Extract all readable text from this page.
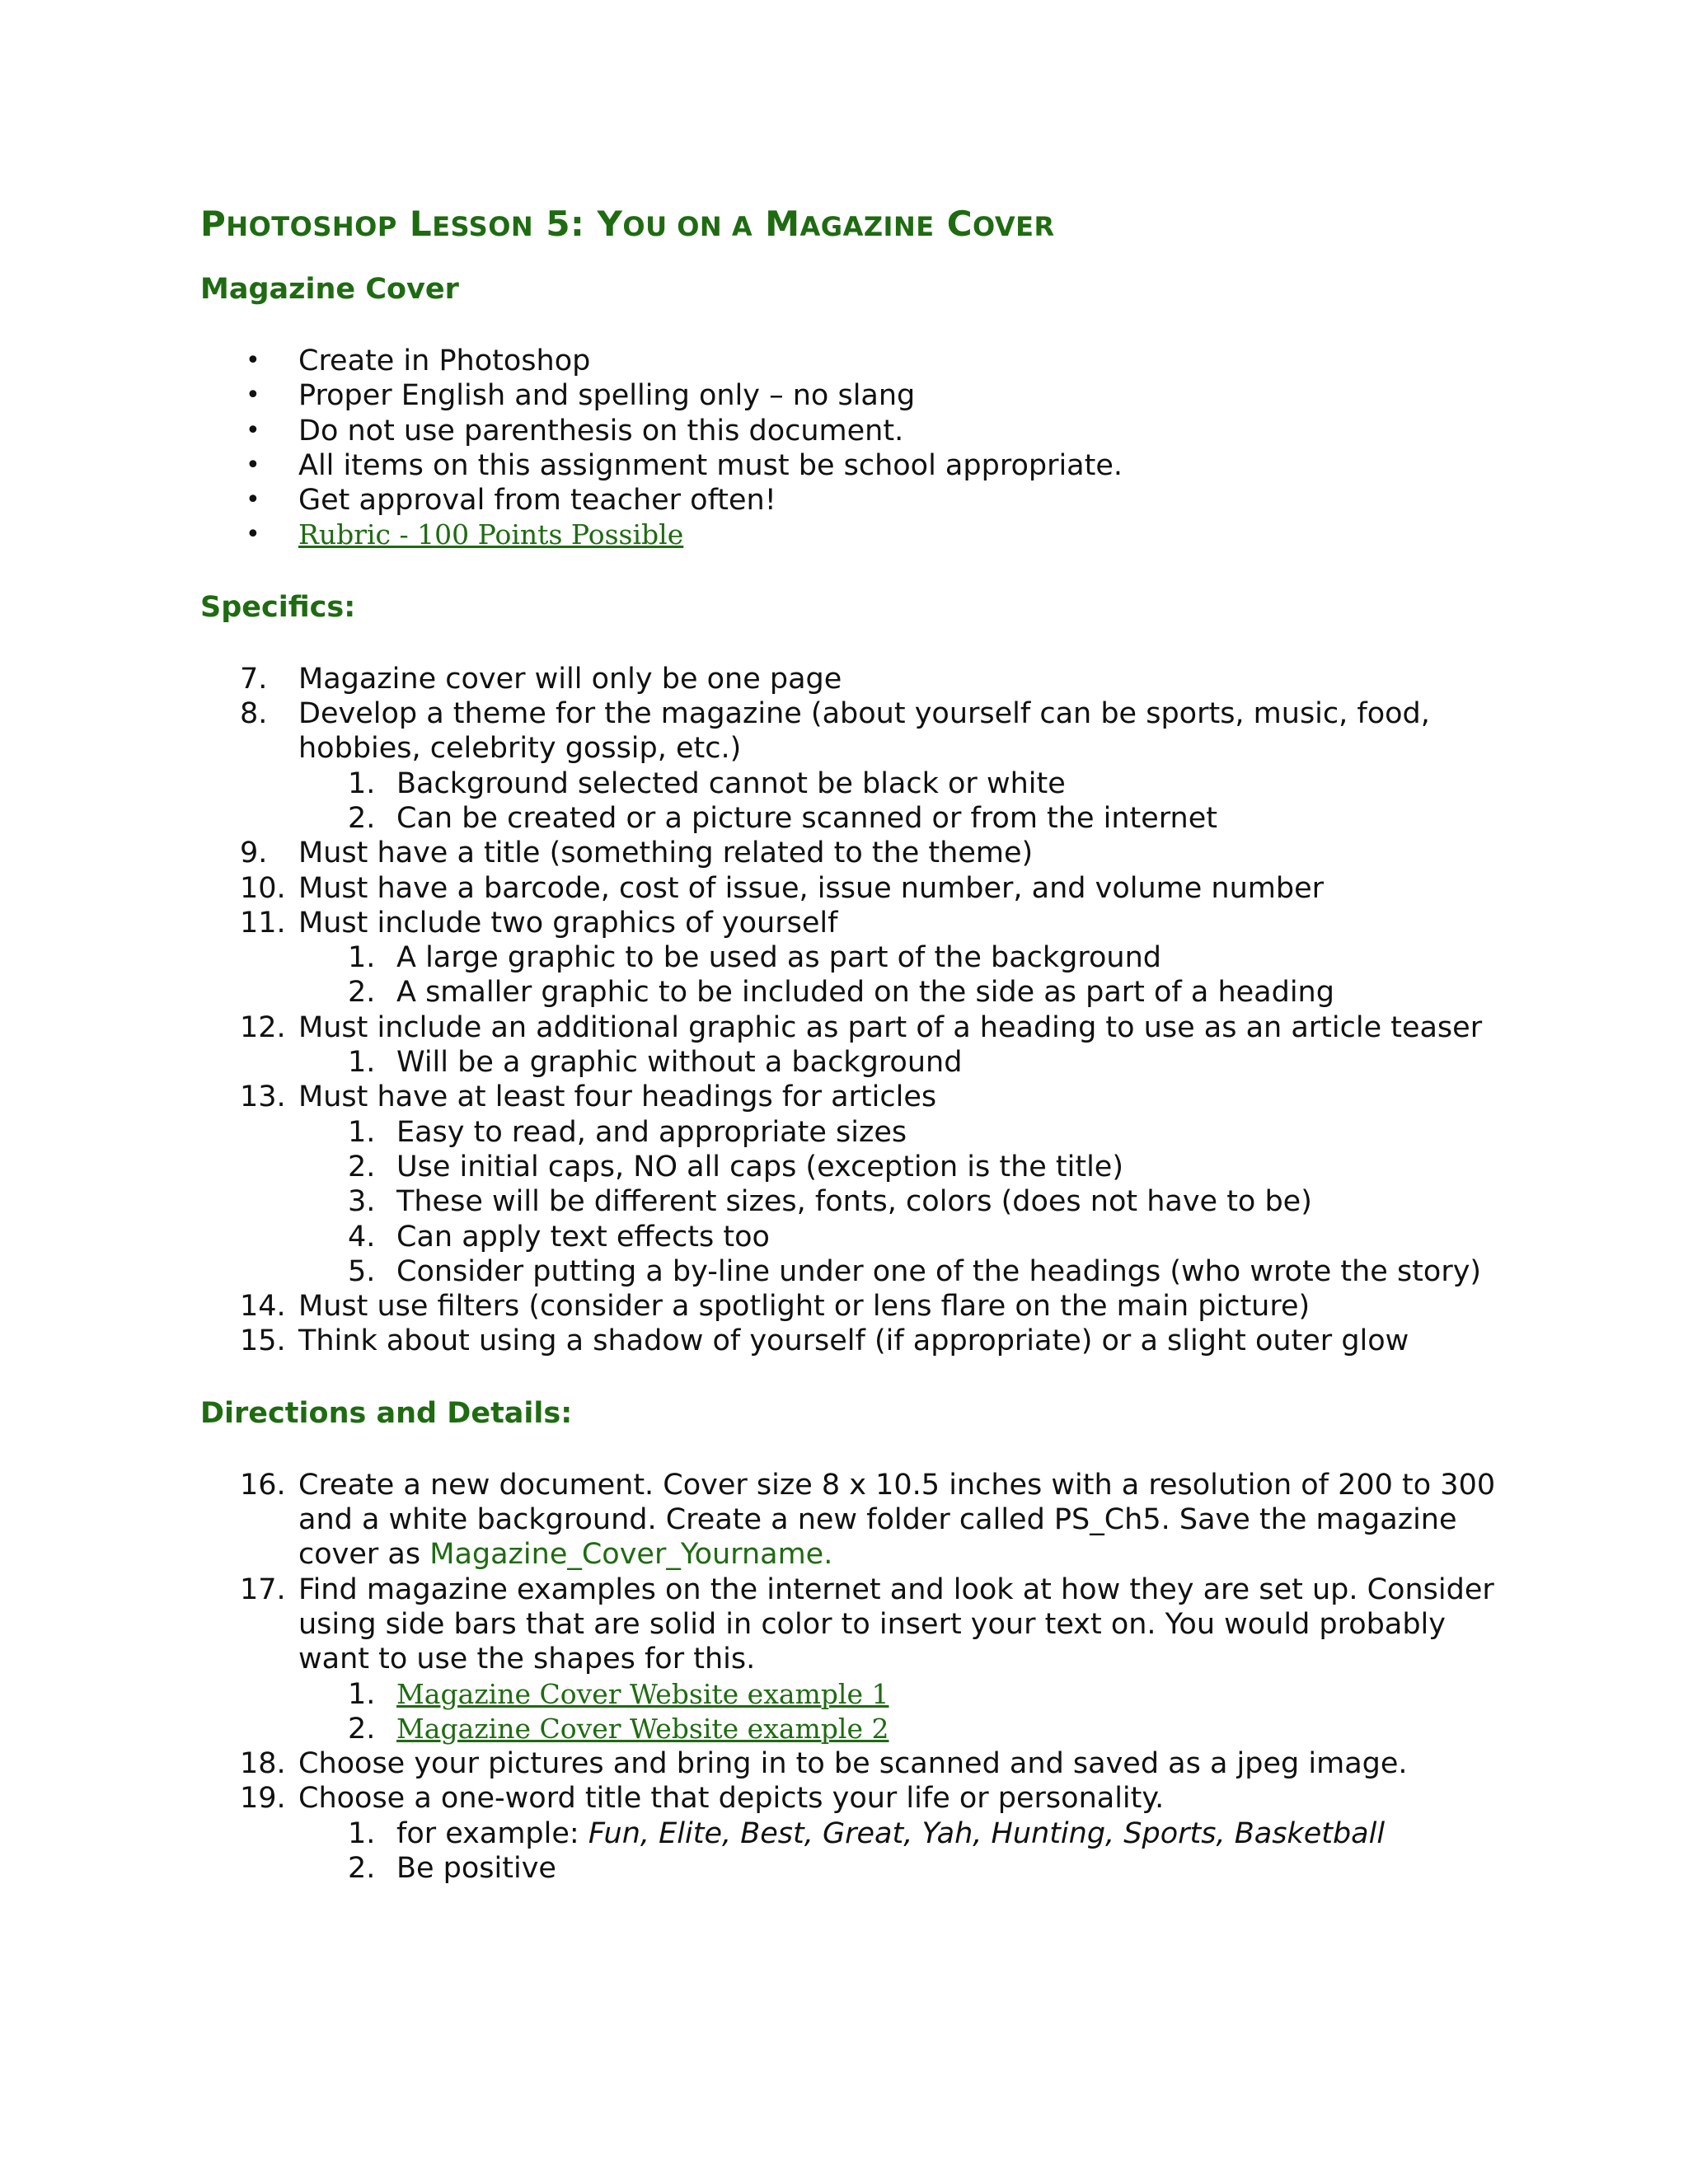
PHOTOSHOP LESSON 5: YOU ON A MAGAZINE COVER
Magazine Cover
• Create in Photoshop
• Proper English and spelling only – no slang
• Do not use parenthesis on this document.
• All items on this assignment must be school appropriate.
• Get approval from teacher often!
• Rubric - 100 Points Possible
Specifics:
7.	Magazine cover will only be one page
8.	Develop a theme for the magazine (about yourself can be sports, music, food, hobbies, celebrity gossip, etc.)
1. Background selected cannot be black or white
2. Can be created or a picture scanned or from the internet
9.	Must have a title (something related to the theme)
10. Must have a barcode, cost of issue, issue number, and volume number
11. Must include two graphics of yourself
1. A large graphic to be used as part of the background
2. A smaller graphic to be included on the side as part of a heading
12. Must include an additional graphic as part of a heading to use as an article teaser
1. Will be a graphic without a background
13. Must have at least four headings for articles
1. Easy to read, and appropriate sizes
2. Use initial caps, NO all caps (exception is the title)
3. These will be different sizes, fonts, colors (does not have to be)
4. Can apply text effects too
5. Consider putting a by-line under one of the headings (who wrote the story)
14. Must use filters (consider a spotlight or lens flare on the main picture)
15. Think about using a shadow of yourself (if appropriate) or a slight outer glow
Directions and Details:
16. Create a new document. Cover size 8 x 10.5 inches with a resolution of 200 to 300 and a white background. Create a new folder called PS_Ch5. Save the magazine cover as Magazine_Cover_Yourname.
17. Find magazine examples on the internet and look at how they are set up. Consider using side bars that are solid in color to insert your text on. You would probably want to use the shapes for this.
1. Magazine Cover Website example 1
2. Magazine Cover Website example 2
18. Choose your pictures and bring in to be scanned and saved as a jpeg image.
19. Choose a one-word title that depicts your life or personality.
1. for example: Fun, Elite, Best, Great, Yah, Hunting, Sports, Basketball
2. Be positive
